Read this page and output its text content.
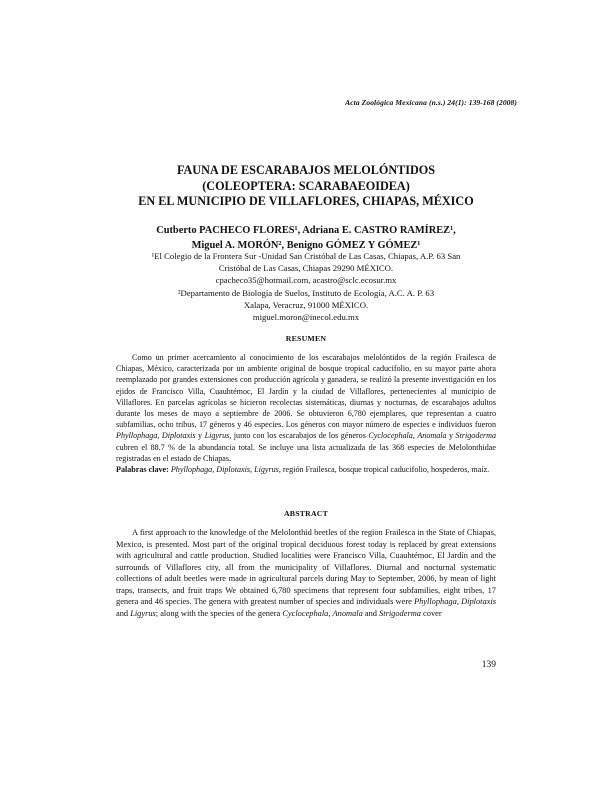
Acta Zoológica Mexicana (n.s.) 24(1): 139-168 (2008)
FAUNA DE ESCARABAJOS MELOLÓNTIDOS
(COLEOPTERA: SCARABAEOIDEA)
EN EL MUNICIPIO DE VILLAFLORES, CHIAPAS, MÉXICO
Cutberto PACHECO FLORES¹, Adriana E. CASTRO RAMÍREZ¹,
Miguel A. MORÓN², Benigno GÓMEZ Y GÓMEZ¹
¹El Colegio de la Frontera Sur -Unidad San Cristóbal de Las Casas, Chiapas, A.P. 63 San
Cristóbal de Las Casas, Chiapas 29290 MÉXICO.
cpacheco35@hotmail.com, acastro@sclc.ecosur.mx
²Departamento de Biología de Suelos, Instituto de Ecología, A.C. A. P. 63
Xalapa, Veracruz, 91000 MÉXICO.
miguel.moron@inecol.edu.mx
RESUMEN

Como un primer acercamiento al conocimiento de los escarabajos melolóntidos de la región Frailesca de Chiapas, México, caracterizada por un ambiente original de bosque tropical caducifolio, en su mayor parte ahora reemplazado por grandes extensiones con producción agrícola y ganadera, se realizó la presente investigación en los ejidos de Francisco Villa, Cuauhtémoc, El Jardín y la ciudad de Villaflores, pertenecientes al municipio de Villaflores. En parcelas agrícolas se hicieron recolectas sistemáticas, diurnas y nocturnas, de escarabajos adultos durante los meses de mayo a septiembre de 2006. Se obtuvieron 6,780 ejemplares, que representan a cuatro subfamilias, ocho tribus, 17 géneros y 46 especies. Los géneros con mayor número de especies e individuos fueron Phyllophaga, Diplotaxis y Ligyrus, junto con los escarabajos de los géneros Cyclocephala, Anomala y Strigoderma cubren el 88.7 % de la abundancia total. Se incluye una lista actualizada de las 368 especies de Melolonthidae registradas en el estado de Chiapas.

Palabras clave: Phyllophaga, Diplotaxis, Ligyrus, región Frailesca, bosque tropical caducifolio, hospederos, maíz.

ABSTRACT

A first approach to the knowledge of the Melolonthid beetles of the region Frailesca in the State of Chiapas, Mexico, is presented. Most part of the original tropical deciduous forest today is replaced by great extensions with agricultural and cattle production. Studied localities were Francisco Villa, Cuauhtémoc, El Jardín and the surrounds of Villaflores city, all from the municipality of Villaflores. Diurnal and nocturnal systematic collections of adult beetles were made in agricultural parcels during May to September, 2006, by mean of light traps, transects, and fruit traps We obtained 6,780 specimens that represent four subfamilies, eight tribes, 17 genera and 46 species. The genera with greatest number of species and individuals were Phyllophaga, Diplotaxis and Ligyrus; along with the species of the genera Cyclocephala, Anomala and Strigoderma cover

139
